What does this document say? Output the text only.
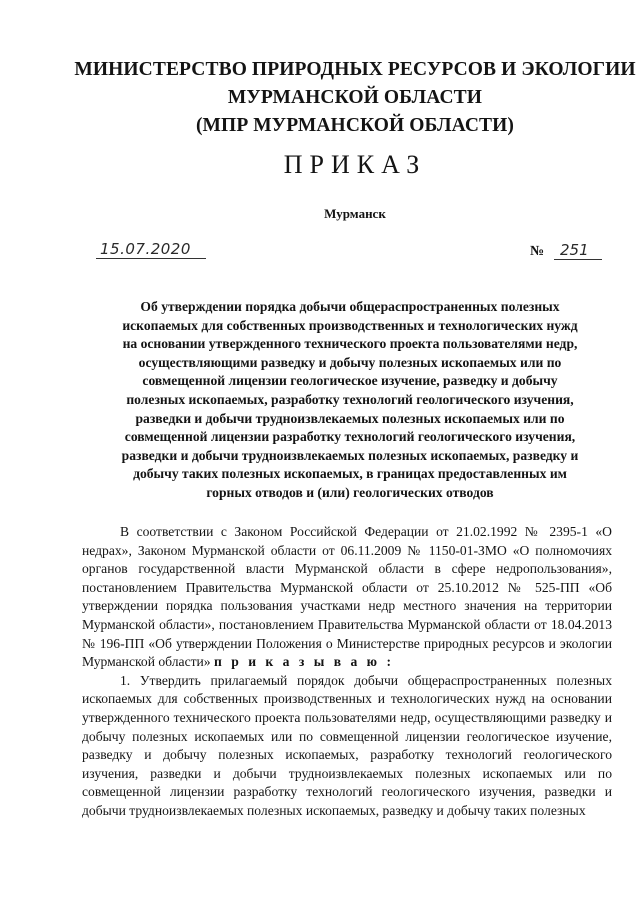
МИНИСТЕРСТВО ПРИРОДНЫХ РЕСУРСОВ И ЭКОЛОГИИ
МУРМАНСКОЙ ОБЛАСТИ
(МПР МУРМАНСКОЙ ОБЛАСТИ)
ПРИКАЗ
Мурманск
15.07.2020	№ 251
Об утверждении порядка добычи общераспространенных полезных
ископаемых для собственных производственных и технологических нужд
на основании утвержденного технического проекта пользователями недр,
осуществляющими разведку и добычу полезных ископаемых или по
совмещенной лицензии геологическое изучение, разведку и добычу
полезных ископаемых, разработку технологий геологического изучения,
разведки и добычи трудноизвлекаемых полезных ископаемых или по
совмещенной лицензии разработку технологий геологического изучения,
разведки и добычи трудноизвлекаемых полезных ископаемых, разведку и
добычу таких полезных ископаемых, в границах предоставленных им
горных отводов и (или) геологических отводов

В соответствии с Законом Российской Федерации от 21.02.1992 № 2395-1 «О недрах», Законом Мурманской области от 06.11.2009 № 1150-01-ЗМО «О полномочиях органов государственной власти Мурманской области в сфере недропользования», постановлением Правительства Мурманской области от 25.10.2012 № 525-ПП «Об утверждении порядка пользования участками недр местного значения на территории Мурманской области», постановлением Правительства Мурманской области от 18.04.2013 № 196-ПП «Об утверждении Положения о Министерстве природных ресурсов и экологии Мурманской области» п р и к а з ы в а ю :

1. Утвердить прилагаемый порядок добычи общераспространенных полезных ископаемых для собственных производственных и технологических нужд на основании утвержденного технического проекта пользователями недр, осуществляющими разведку и добычу полезных ископаемых или по совмещенной лицензии геологическое изучение, разведку и добычу полезных ископаемых, разработку технологий геологического изучения, разведки и добычи трудноизвлекаемых полезных ископаемых или по совмещенной лицензии разработку технологий геологического изучения, разведки и добычи трудноизвлекаемых полезных ископаемых, разведку и добычу таких полезных
